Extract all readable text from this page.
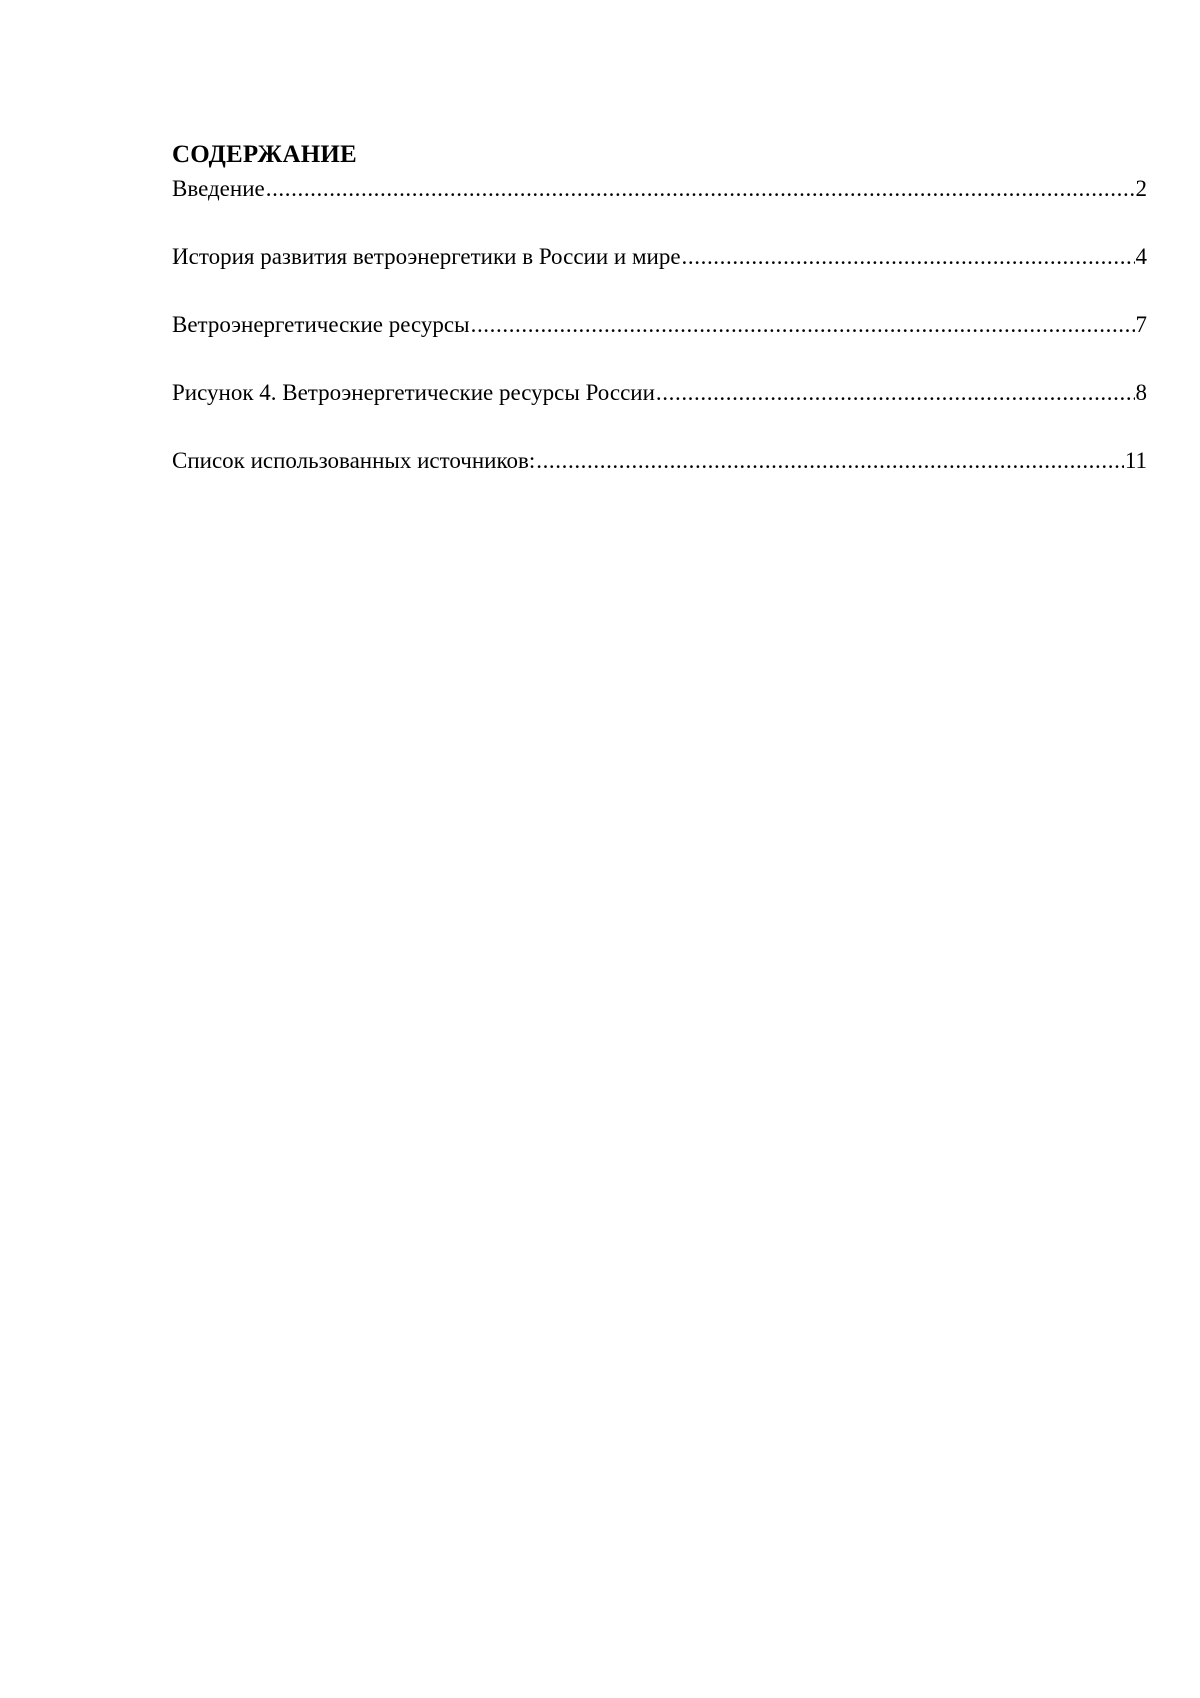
СОДЕРЖАНИЕ
Введение .....	2
История развития ветроэнергетики в России и мире .....	4
Ветроэнергетические ресурсы .....	7
Рисунок 4. Ветроэнергетические ресурсы России .....	8
Список использованных источников: .....	11
